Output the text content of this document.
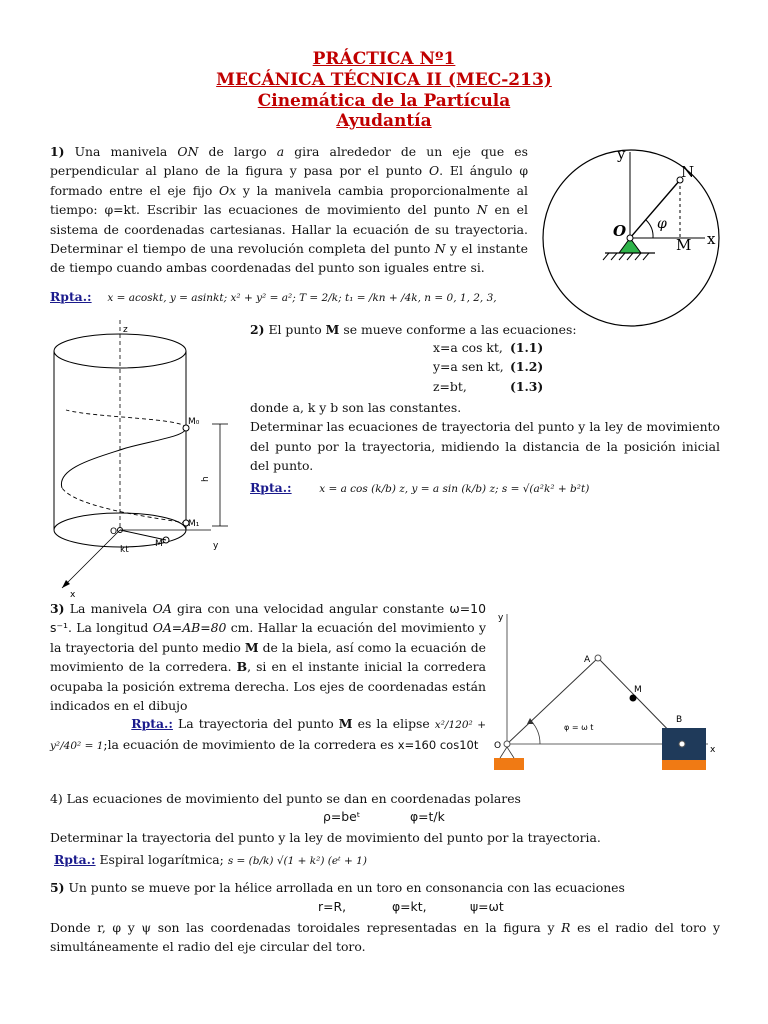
PRÁCTICA Nº1
MECÁNICA TÉCNICA II (MEC-213)
Cinemática de la Partícula
Ayudantía
1) Una manivela ON de largo a gira alrededor de un eje que es perpendicular al plano de la figura y pasa por el punto O. El ángulo φ formado entre el eje fijo Ox y la manivela cambia proporcionalmente al tiempo: φ=kt. Escribir las ecuaciones de movimiento del punto N en el sistema de coordenadas cartesianas. Hallar la ecuación de su trayectoria. Determinar el tiempo de una revolución completa del punto N y el instante de tiempo cuando ambas coordenadas del punto son iguales entre si.
Rpta.: x = acoskt, y = asinkt; x² + y² = a²; T = 2/k; t₁ = /kn + /4k, n = 0, 1, 2, 3,
y
x
N
O
M
φ
z
M₀
M₁
h
O
kt
M	y
x
2) El punto M se mueve conforme a las ecuaciones:
x=a cos kt, (1.1)
y=a sen kt, (1.2)
z=bt,	(1.3)
donde a, k y b son las constantes.
Determinar las ecuaciones de trayectoria del punto y la ley de movimiento del punto por la trayectoria, midiendo la distancia de la posición inicial del punto.
Rpta.:	x = a cos (k/b) z, y = a sin (k/b) z; s = √(a²k² + b²t)
3) La manivela OA gira con una velocidad angular constante ω=10 s⁻¹. La longitud OA=AB=80 cm. Hallar la ecuación del movimiento y la trayectoria del punto medio M de la biela, así como la ecuación de movimiento de la corredera. B, si en el instante inicial la corredera ocupaba la posición extrema derecha. Los ejes de coordenadas están indicados en el dibujo
Rpta.: La trayectoria del punto M es la elipse x²/120² + y²/40² = 1;la ecuación de movimiento de la corredera es x=160 cos10t
y
A
M
B
O	x
φ = ω t
4) Las ecuaciones de movimiento del punto se dan en coordenadas polares
ρ=beᵗ	φ=t/k
Determinar la trayectoria del punto y la ley de movimiento del punto por la trayectoria.
Rpta.: Espiral logarítmica; s = (b/k) √(1 + k²) (eᵗ + 1)
5) Un punto se mueve por la hélice arrollada en un toro en consonancia con las ecuaciones
r=R,	φ=kt,	ψ=ωt
Donde r, φ y ψ son las coordenadas toroidales representadas en la figura y R es el radio del toro y simultáneamente el radio del eje circular del toro.
